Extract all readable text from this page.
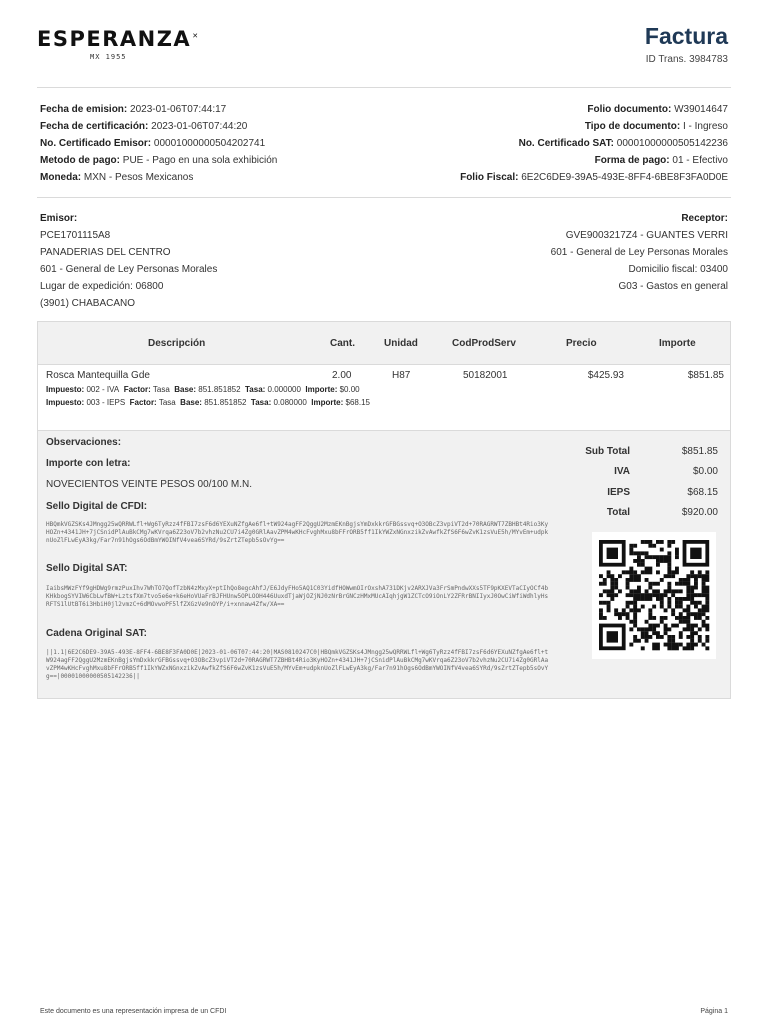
ESPERANZA✕
MX 1955
Factura
ID Trans. 3984783
Fecha de emision: 2023-01-06T07:44:17
Fecha de certificación: 2023-01-06T07:44:20
No. Certificado Emisor: 00001000000504202741
Metodo de pago: PUE - Pago en una sola exhibición
Moneda: MXN - Pesos Mexicanos
Folio documento: W39014647
Tipo de documento: I - Ingreso
No. Certificado SAT: 00001000000505142236
Forma de pago: 01 - Efectivo
Folio Fiscal: 6E2C6DE9-39A5-493E-8FF4-6BE8F3FA0D0E
Emisor:
PCE1701115A8
PANADERIAS DEL CENTRO
601 - General de Ley Personas Morales
Lugar de expedición: 06800
(3901) CHABACANO
Receptor:
GVE9003217Z4 - GUANTES VERRI
601 - General de Ley Personas Morales
Domicilio fiscal: 03400
G03 - Gastos en general
Descripción	Cant.	Unidad	CodProdServ	Precio	Importe
Rosca Mantequilla Gde	2.00	H87	50182001	$425.93	$851.85
Impuesto: 002 - IVA Factor: Tasa Base: 851.851852 Tasa: 0.000000 Importe: $0.00
Impuesto: 003 - IEPS Factor: Tasa Base: 851.851852 Tasa: 0.080000 Importe: $68.15
Observaciones:
Importe con letra:
NOVECIENTOS VEINTE PESOS 00/100 M.N.
Sello Digital de CFDI:
HBQmkVGZSKs4JMngg25wQRRWLfl+Wg6TyRzz4fFBI7zsF6d6YEXuNZfgAe6fl+tW924agFF2QggU2MzmEKnBgjsYmDxkkrGFBGssvq+O3OBcZ3vpiVT2d+70RAGRWT7ZBHBt4Rio3KyHOZn+4341JH+7jCSnidPlAuBkCMg7wKVrqa6Z23oV7b2vhzNu2CU7i4Zg0GRlAavZPM4wKHcFvghMxu8bFFrORB5ff1IkYWZxNGnxzikZvAwfkZfS6F6wZvK1zsVuE5h/MYvEm+udpknUoZlFLwEyA3kg/Far7n91hOgs6OdBmYWOINfV4vea6SYRd/9sZrtZTepb5sOvYg==
Sello Digital SAT:
IaibsMWzFYf9gHDWg9rmzPuxIhv7WhTO7QofTzbN4zMxyX+ptIhQo8egcAhfJ/E6JdyFHo5AQ1C03YidfHOWwmOIrOxshA731DKjv2ARXJVa3FrSmPndwXXs5TF9pKXEVTaCIyOCf4bKHkbogSYVIW6CbLwfBW+LztsfXm7tvo5e6e+k6eHoVUaFrBJFHUnw5OPLOOH446UuxdTjaWjOZjNJ0zNrBrGNCzHMxMUcAIqhjgW1ZCTcO9iOnLY2ZFRrBNIIyxJ0OwCiWfiWdhlyHsRFTS1lUtBT6i3HbiH0jl2vmzC+6dMOvwoPF5lfZXGzVe9nOYP/i+xnnaw4Zfw/XA==
Cadena Original SAT:
||1.1|6E2C6DE9-39A5-493E-8FF4-6BE8F3FA0D0E|2023-01-06T07:44:20|MAS0810247C0|HBQmkVGZSKs4JMngg25wQRRWLfl+Wg6TyRzz4fFBI7zsF6d6YEXuNZfgAe6fl+tW924agFF2QggU2MzmEKnBgjsYmDxkkrGFBGssvq+O3OBcZ3vpiVT2d+70RAGRWT7ZBHBt4Rio3KyHOZn+4341JH+7jCSnidPlAuBkCMg7wKVrqa6Z23oV7b2vhzNu2CU7i4Zg0GRlAavZPM4wKHcFvghMxu8bFFrORB5ff1IkYWZxNGnxzikZvAwfkZfS6F6wZvK1zsVuE5h/MYvEm+udpknUoZlFLwEyA3kg/Far7n91hOgs6OdBmYWOINfV4vea6SYRd/9sZrtZTepb5sOvYg==|00001000000505142236||
Sub Total	$851.85
IVA	$0.00
IEPS	$68.15
Total	$920.00
Este documento es una representación impresa de un CFDI	Página 1
